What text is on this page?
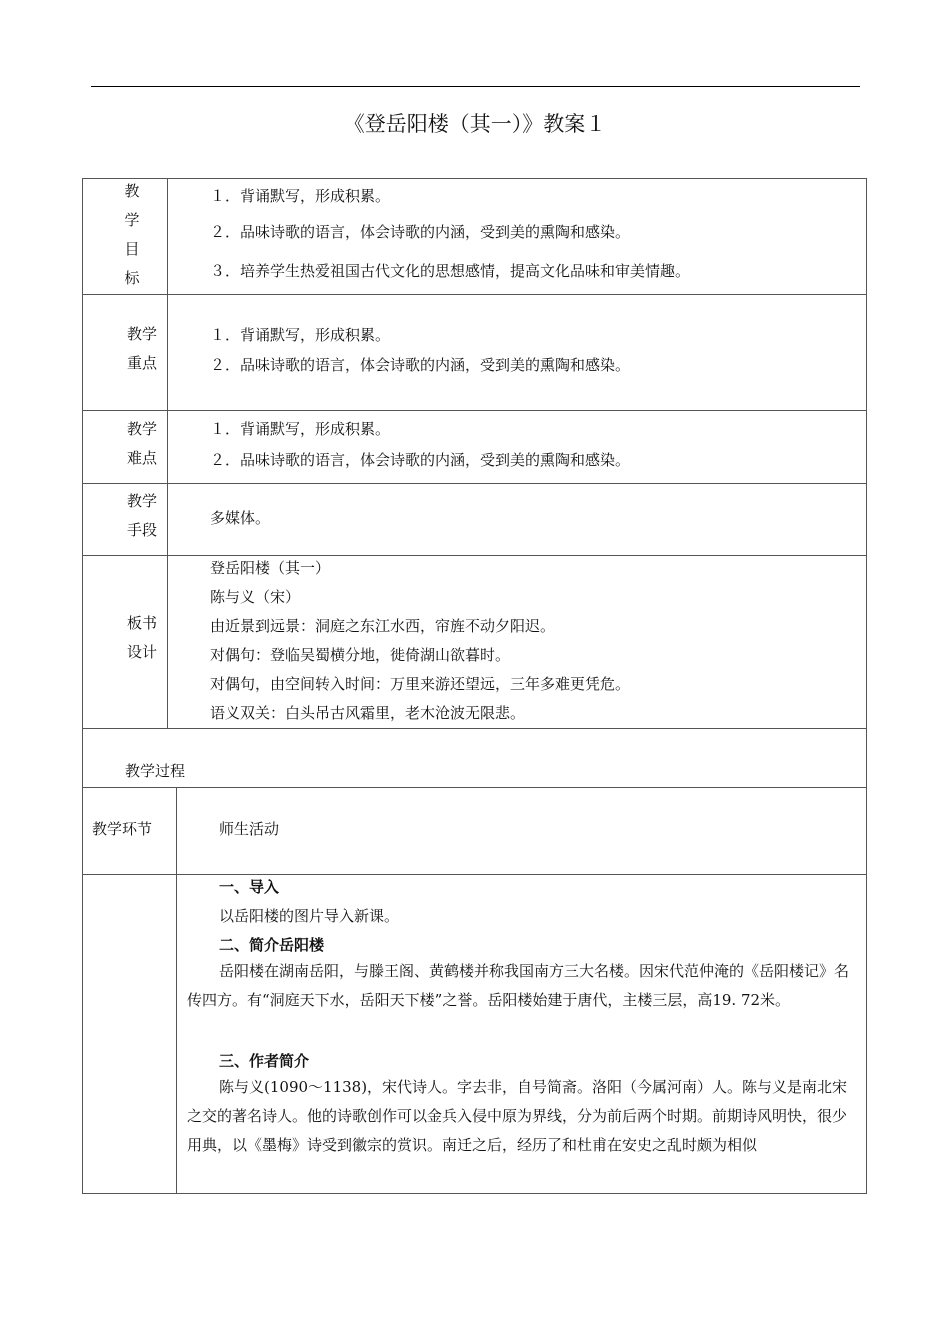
《登岳阳楼（其一）》教案１
教
学
目
标
１．背诵默写，形成积累。
２．品味诗歌的语言，体会诗歌的内涵，受到美的熏陶和感染。
３．培养学生热爱祖国古代文化的思想感情，提高文化品味和审美情趣。
教学
重点
１．背诵默写，形成积累。
２．品味诗歌的语言，体会诗歌的内涵，受到美的熏陶和感染。
教学
难点
１．背诵默写，形成积累。
２．品味诗歌的语言，体会诗歌的内涵，受到美的熏陶和感染。
教学
手段
多媒体。
板书
设计
登岳阳楼（其一）
陈与义（宋）
由近景到远景：洞庭之东江水西，帘旌不动夕阳迟。
对偶句：登临吴蜀横分地，徙倚湖山欲暮时。
对偶句，由空间转入时间：万里来游还望远，三年多难更凭危。
语义双关：白头吊古风霜里，老木沧波无限悲。
教学过程
教学环节	师生活动
一、导入
以岳阳楼的图片导入新课。
二、简介岳阳楼
岳阳楼在湖南岳阳，与滕王阁、黄鹤楼并称我国南方三大名楼。因宋代范仲淹的《岳阳楼记》名传四方。有“洞庭天下水，岳阳天下楼”之誉。岳阳楼始建于唐代，主楼三层，高19. 72米。
三、作者简介
陈与义(1090～1138)，宋代诗人。字去非，自号简斋。洛阳（今属河南）人。陈与义是南北宋之交的著名诗人。他的诗歌创作可以金兵入侵中原为界线，分为前后两个时期。前期诗风明快，很少用典，以《墨梅》诗受到徽宗的赏识。南迁之后，经历了和杜甫在安史之乱时颇为相似
